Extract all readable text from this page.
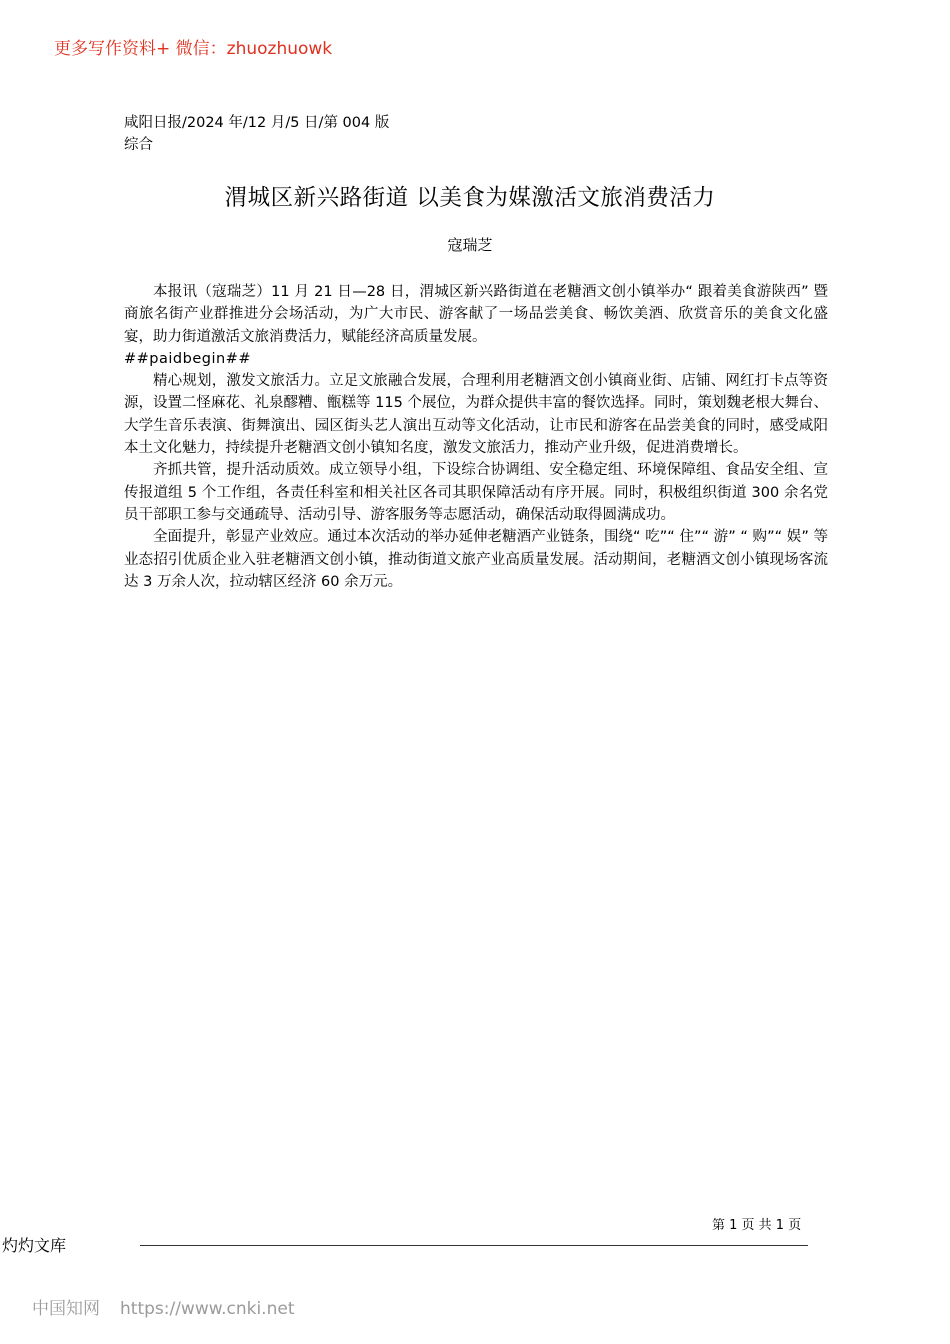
更多写作资料+ 微信：zhuozhuowk
咸阳日报/2024 年/12 月/5 日/第 004 版综合
渭城区新兴路街道 以美食为媒激活文旅消费活力
寇瑞芝

本报讯（寇瑞芝）11 月 21 日—28 日，渭城区新兴路街道在老糖酒文创小镇举办“ 跟着美食游陕西” 暨商旅名街产业群推进分会场活动，为广大市民、游客献了一场品尝美食、畅饮美酒、欣赏音乐的美食文化盛宴，助力街道激活文旅消费活力，赋能经济高质量发展。

##paidbegin##

精心规划，激发文旅活力。立足文旅融合发展，合理利用老糖酒文创小镇商业街、店铺、网红打卡点等资源，设置二怪麻花、礼泉醪糟、甑糕等 115 个展位，为群众提供丰富的餐饮选择。同时，策划魏老根大舞台、大学生音乐表演、街舞演出、园区街头艺人演出互动等文化活动，让市民和游客在品尝美食的同时，感受咸阳本土文化魅力，持续提升老糖酒文创小镇知名度，激发文旅活力，推动产业升级，促进消费增长。

齐抓共管，提升活动质效。成立领导小组，下设综合协调组、安全稳定组、环境保障组、食品安全组、宣传报道组 5 个工作组，各责任科室和相关社区各司其职保障活动有序开展。同时，积极组织街道 300 余名党员干部职工参与交通疏导、活动引导、游客服务等志愿活动，确保活动取得圆满成功。

全面提升，彰显产业效应。通过本次活动的举办延伸老糖酒产业链条，围绕“ 吃”“ 住”“ 游” “ 购”“ 娱” 等业态招引优质企业入驻老糖酒文创小镇，推动街道文旅产业高质量发展。活动期间，老糖酒文创小镇现场客流达 3 万余人次，拉动辖区经济 60 余万元。

第 1 页 共 1 页
灼灼文库
中国知网 https://www.cnki.net
